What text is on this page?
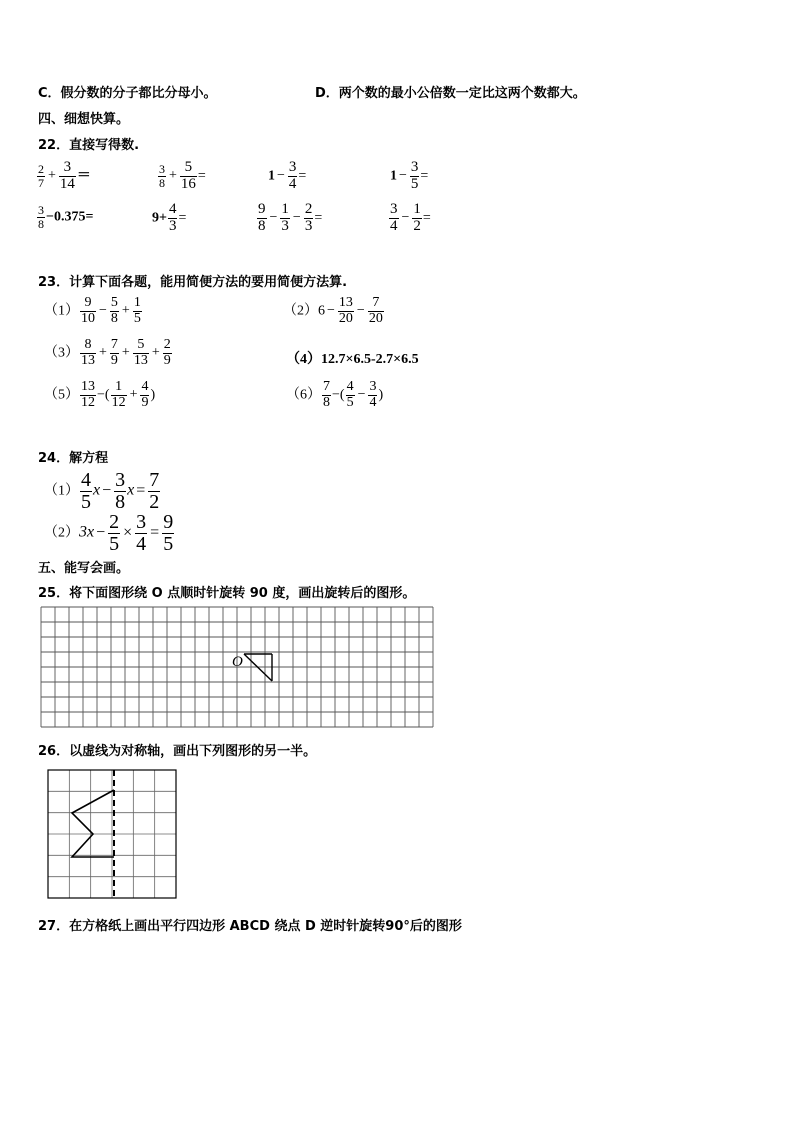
C．假分数的分子都比分母小。	D．两个数的最小公倍数一定比这两个数都大。
四、细想快算。
22．直接写得数.
$\frac{2}{7} + \frac{3}{14}$ ＝	$\frac{3}{8} + \frac{5}{16}$ =	$1 - \frac{3}{4}$ =	$1 - \frac{3}{5}$ =
$\frac{3}{8} -0.375=$	$9+ \frac{4}{3}$ =	$\frac{9}{8} - \frac{1}{3} - \frac{2}{3}$ =	$\frac{3}{4} - \frac{1}{2}$ =
23．计算下面各题，能用简便方法的要用简便方法算.
$(1) \frac{9}{10} - \frac{5}{8} + \frac{1}{5}$	$(2)6 - \frac{13}{20} - \frac{7}{20}$
$(3) \frac{8}{13} + \frac{7}{9} + \frac{5}{13} + \frac{2}{9}$	（4）12.7×6.5-2.7×6.5
$(5) \frac{13}{12}$ −( $\frac{1}{12} + \frac{4}{9}$ )	$(6) \frac{7}{8}$ −( $\frac{4}{5} - \frac{3}{4}$ )
24．解方程
$(1) \frac{4}{5}$ $x - \frac{3}{8}$ $x = \frac{7}{2}$
$(2)3x - \frac{2}{5} \times \frac{3}{4} = \frac{9}{5}$
五、能写会画。
25．将下面图形绕 O 点顺时针旋转 90 度，画出旋转后的图形。
O
26．以虚线为对称轴，画出下列图形的另一半。
27．在方格纸上画出平行四边形 ABCD 绕点 D 逆时针旋转90°后的图形
